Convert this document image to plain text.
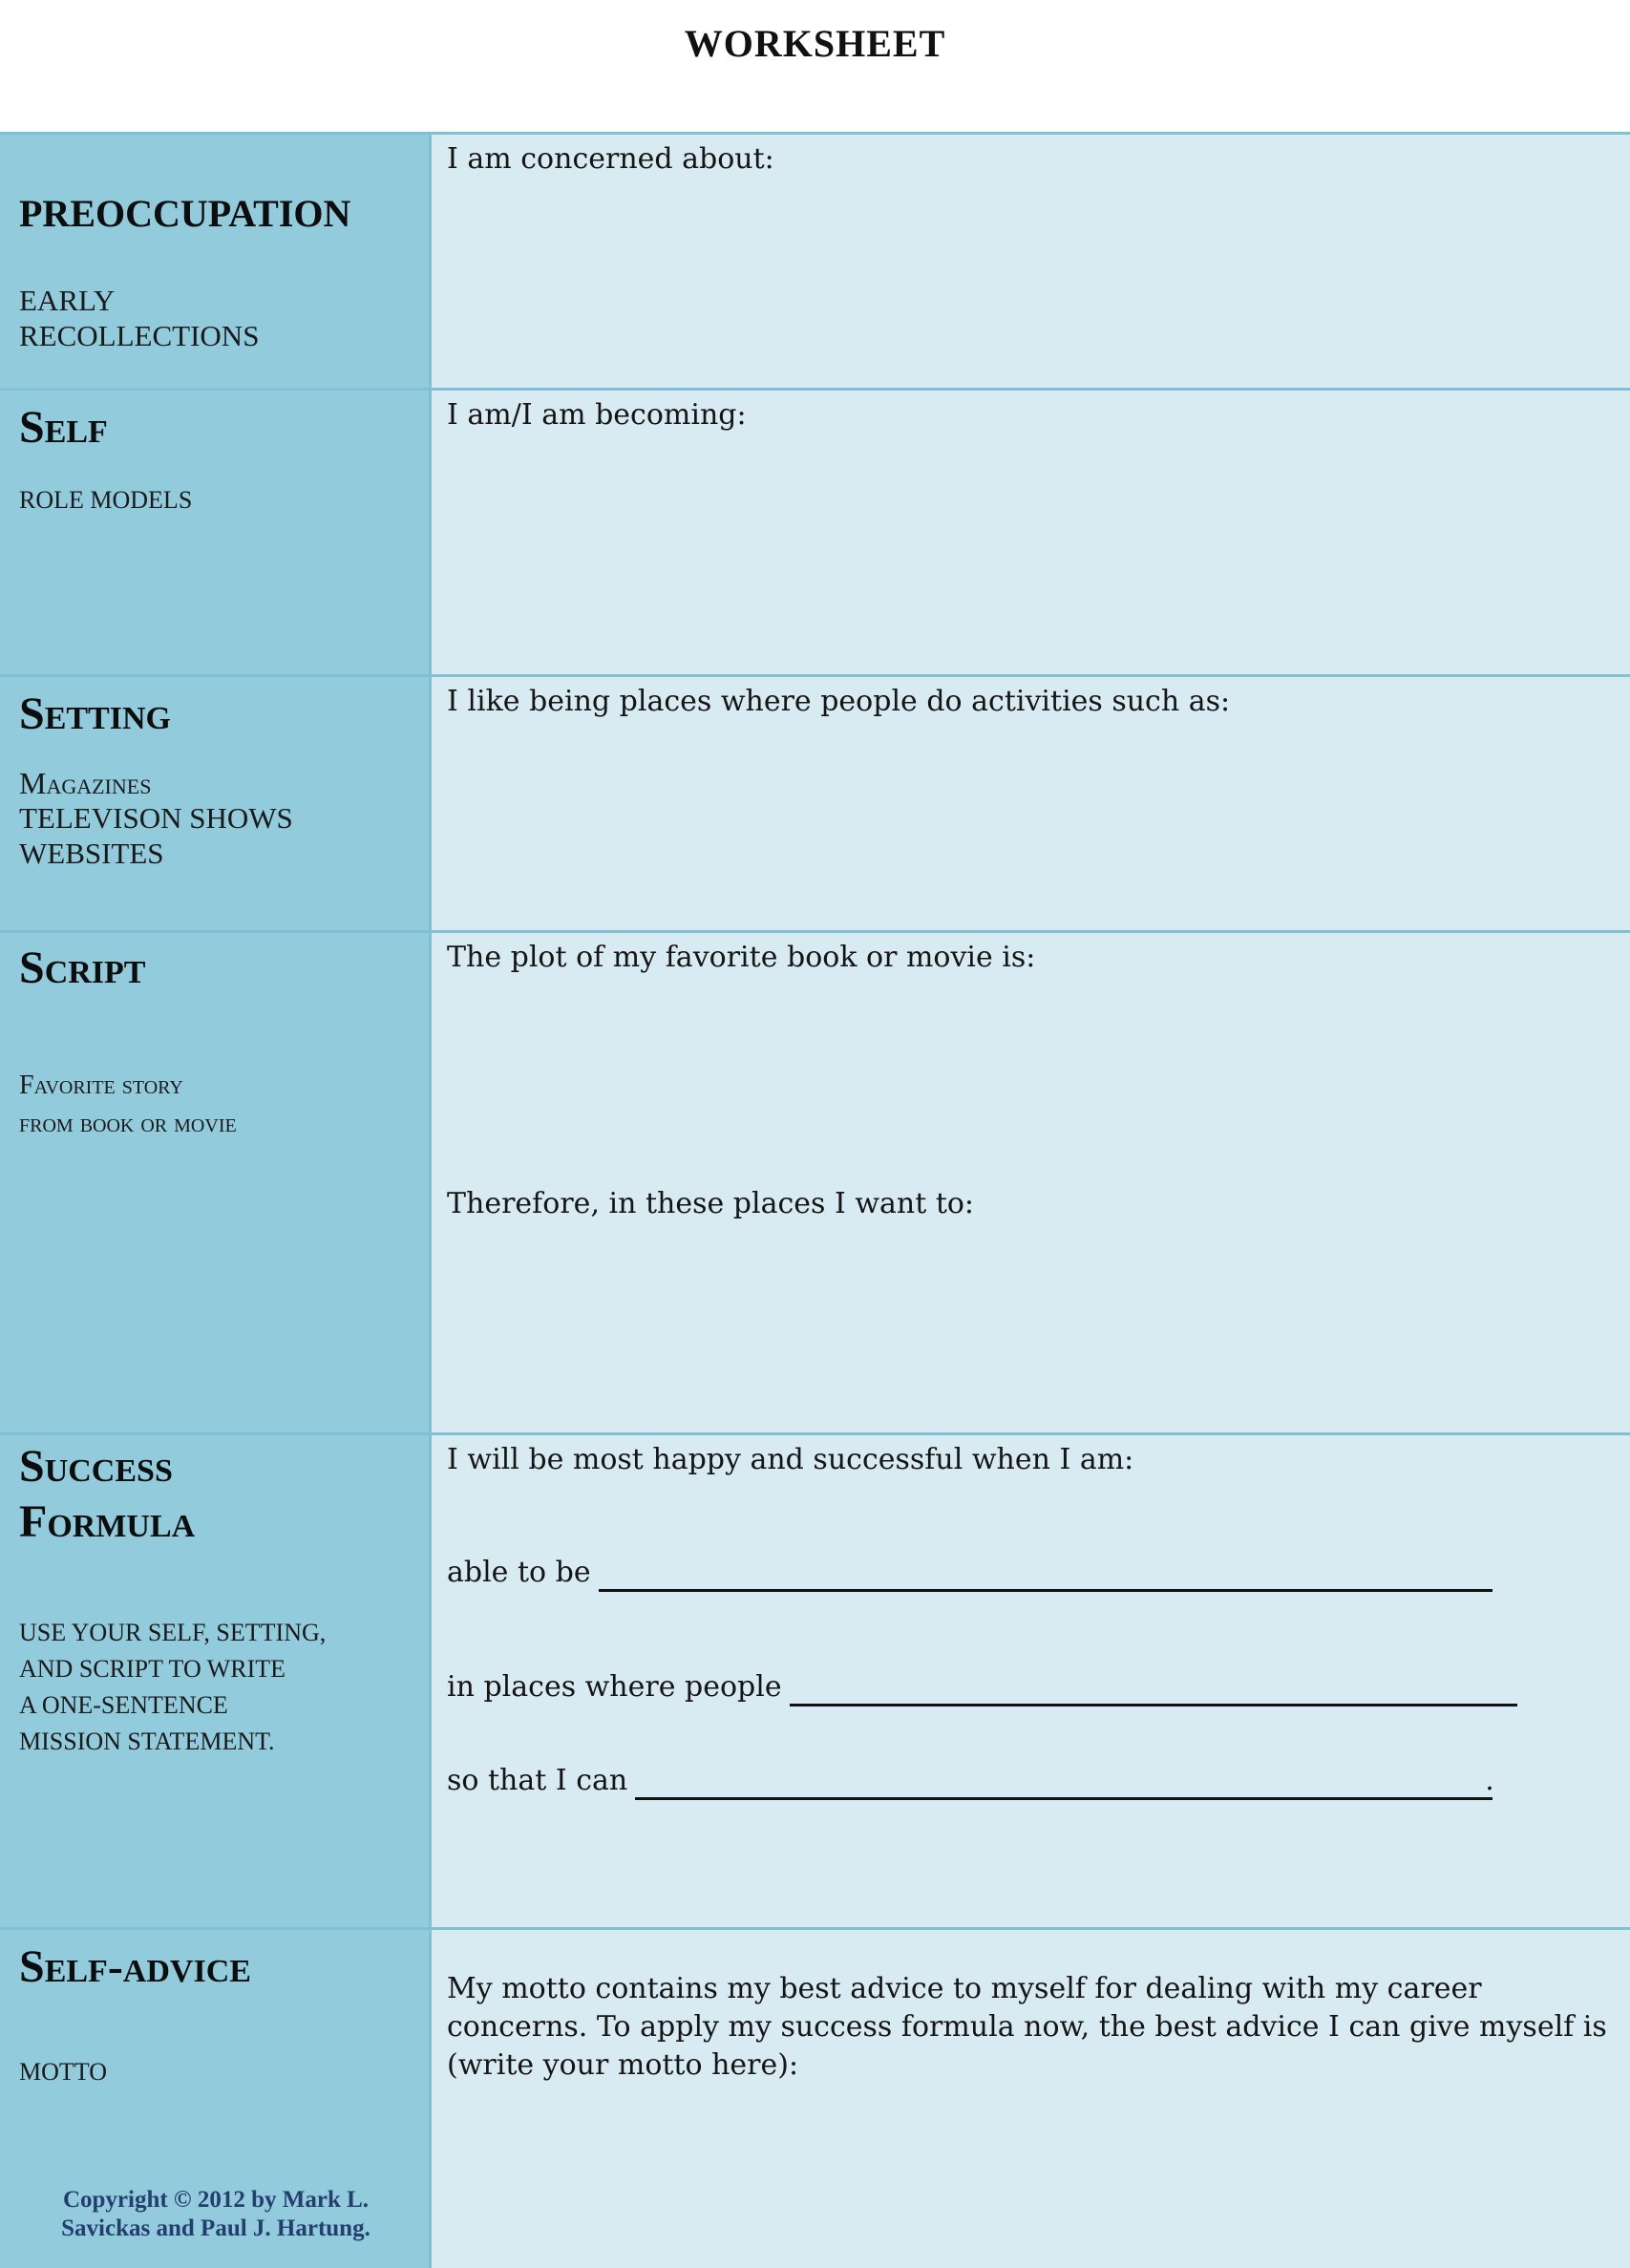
WORKSHEET
PREOCCUPATION
EARLY
RECOLLECTIONS
I am concerned about:
Self
ROLE MODELS
I am/I am becoming:
Setting
Magazines
TELEVISON SHOWS
WEBSITES
I like being places where people do activities such as:
Script
Favorite story
from book or movie
The plot of my favorite book or movie is:
Therefore, in these places I want to:
Success
Formula
USE YOUR SELF, SETTING,
AND SCRIPT TO WRITE
A ONE-SENTENCE
MISSION STATEMENT.
I will be most happy and successful when I am:
able to be
in places where people
so that I can	.
Self-advice
MOTTO
Copyright © 2012 by Mark L.
Savickas and Paul J. Hartung.
My motto contains my best advice to myself for dealing with my career concerns. To apply my success formula now, the best advice I can give myself is (write your motto here):
